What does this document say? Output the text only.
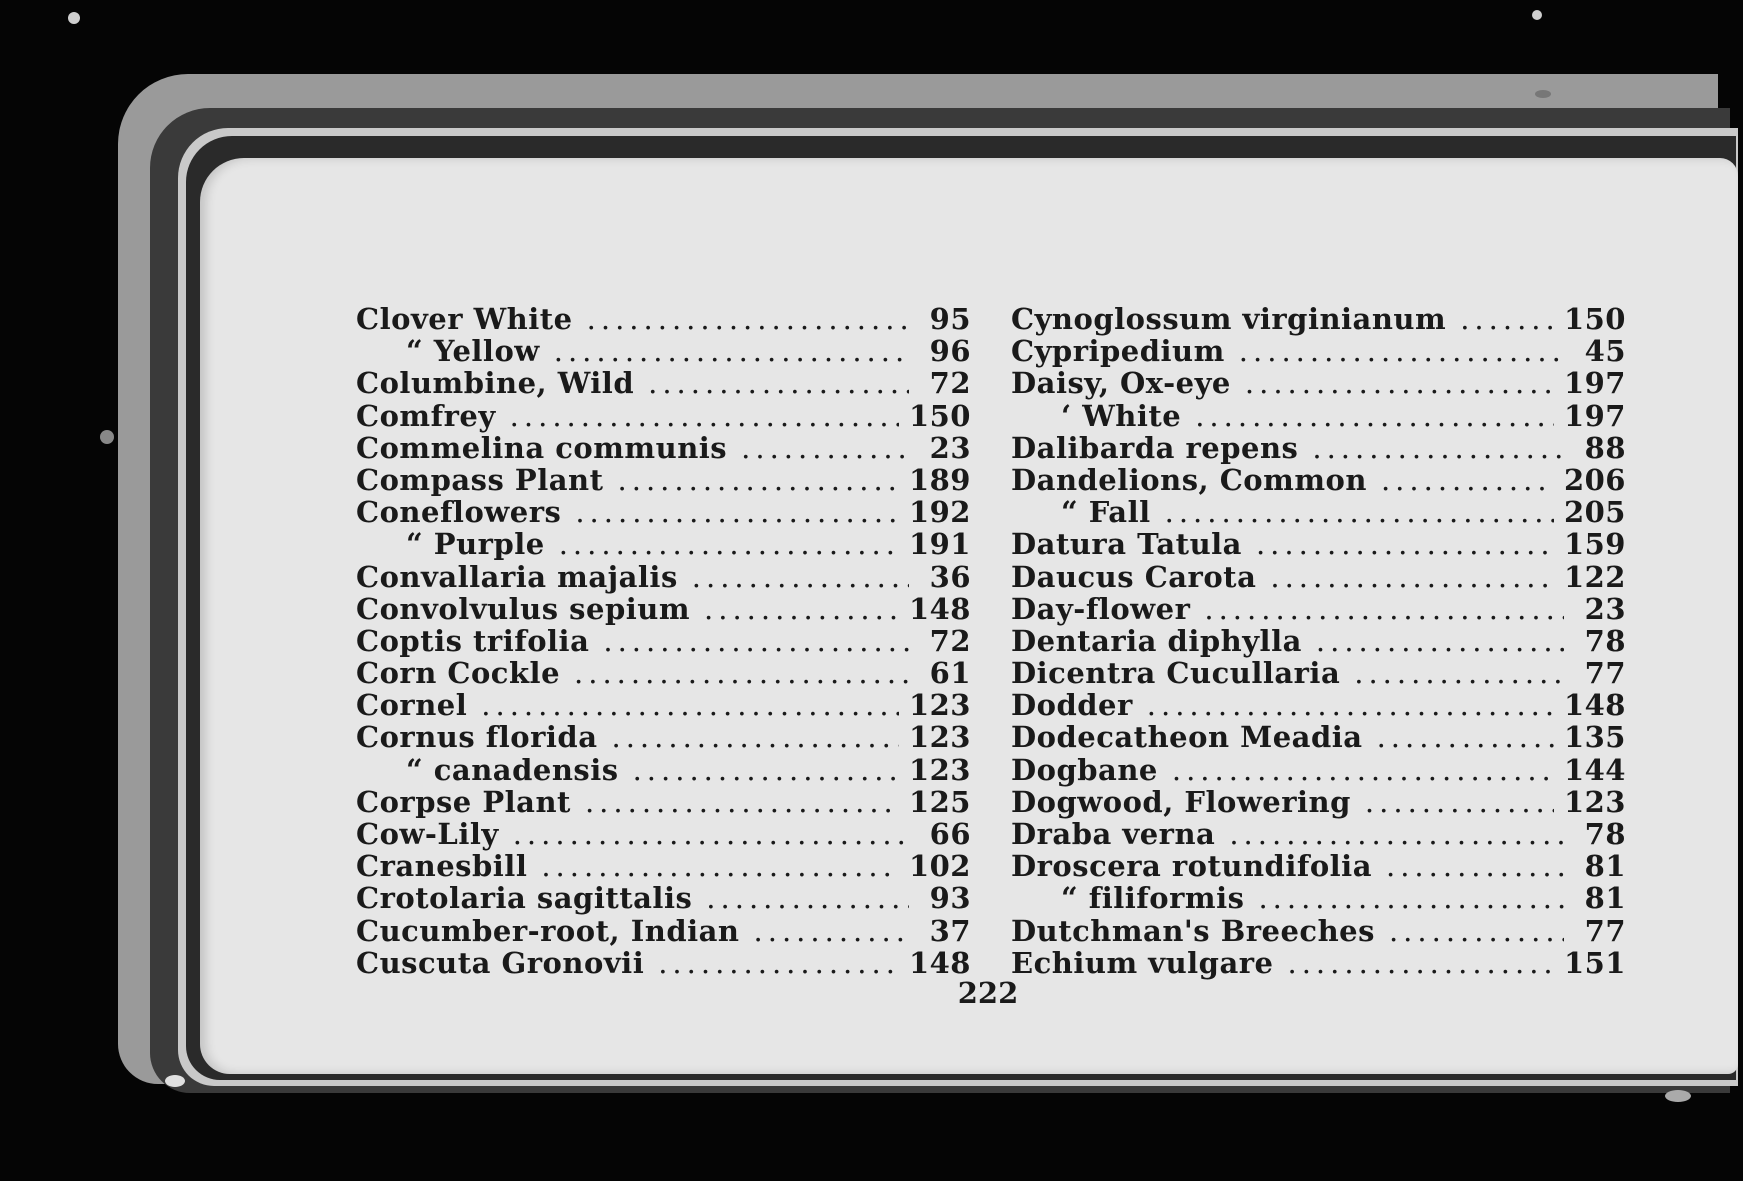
Clover White .....	95
“ Yellow .....	96
Columbine, Wild .....	72
Comfrey .....	150
Commelina communis .....	23
Compass Plant .....	189
Coneflowers .....	192
“ Purple .....	191
Convallaria majalis .....	36
Convolvulus sepium .....	148
Coptis trifolia .....	72
Corn Cockle .....	61
Cornel .....	123
Cornus florida .....	123
“ canadensis .....	123
Corpse Plant .....	125
Cow-Lily .....	66
Cranesbill .....	102
Crotolaria sagittalis .....	93
Cucumber-root, Indian .....	37
Cuscuta Gronovii .....	148
Cynoglossum virginianum .....	150
Cypripedium .....	45
Daisy, Ox-eye .....	197
‘ White .....	197
Dalibarda repens .....	88
Dandelions, Common .....	206
“ Fall .....	205
Datura Tatula .....	159
Daucus Carota .....	122
Day-flower .....	23
Dentaria diphylla .....	78
Dicentra Cucullaria .....	77
Dodder .....	148
Dodecatheon Meadia .....	135
Dogbane .....	144
Dogwood, Flowering .....	123
Draba verna .....	78
Droscera rotundifolia .....	81
“ filiformis .....	81
Dutchman's Breeches .....	77
Echium vulgare .....	151
222
